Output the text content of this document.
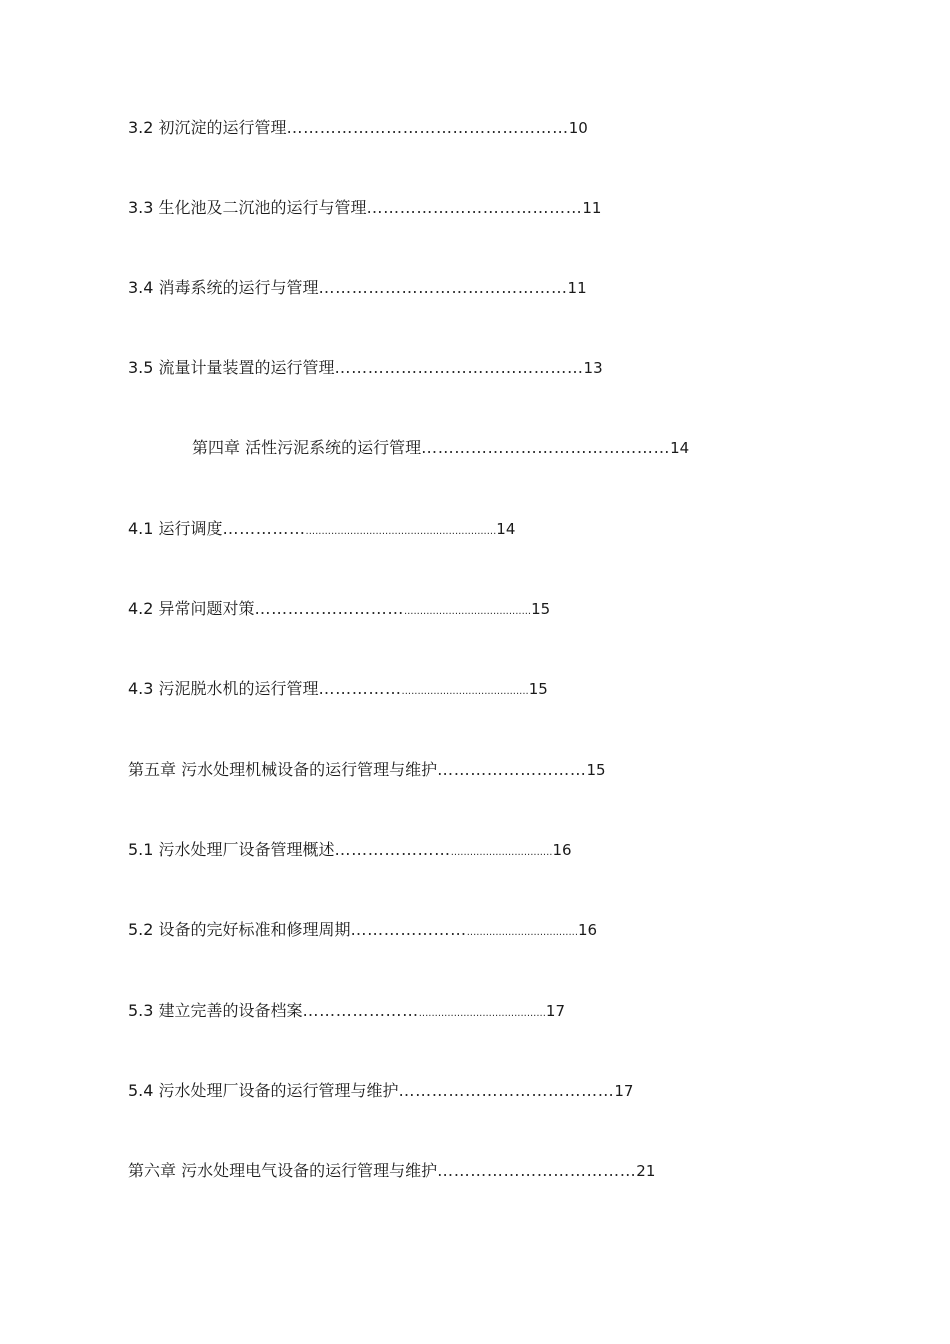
3.2 初沉淀的运行管理……………………………………………10
3.3 生化池及二沉池的运行与管理…………………………………11
3.4 消毒系统的运行与管理………………………………………11
3.5 流量计量装置的运行管理………………………………………13
第四章 活性污泥系统的运行管理………………………………………14
4.1 运行调度……………............................................................14
4.2 异常问题对策………………………........................................15
4.3 污泥脱水机的运行管理……………........................................15
第五章 污水处理机械设备的运行管理与维护………………………15
5.1 污水处理厂设备管理概述…………………................................16
5.2 设备的完好标准和修理周期…………………...................................16
5.3 建立完善的设备档案…………………........................................17
5.4 污水处理厂设备的运行管理与维护…………………………………17
第六章 污水处理电气设备的运行管理与维护………………………………21
